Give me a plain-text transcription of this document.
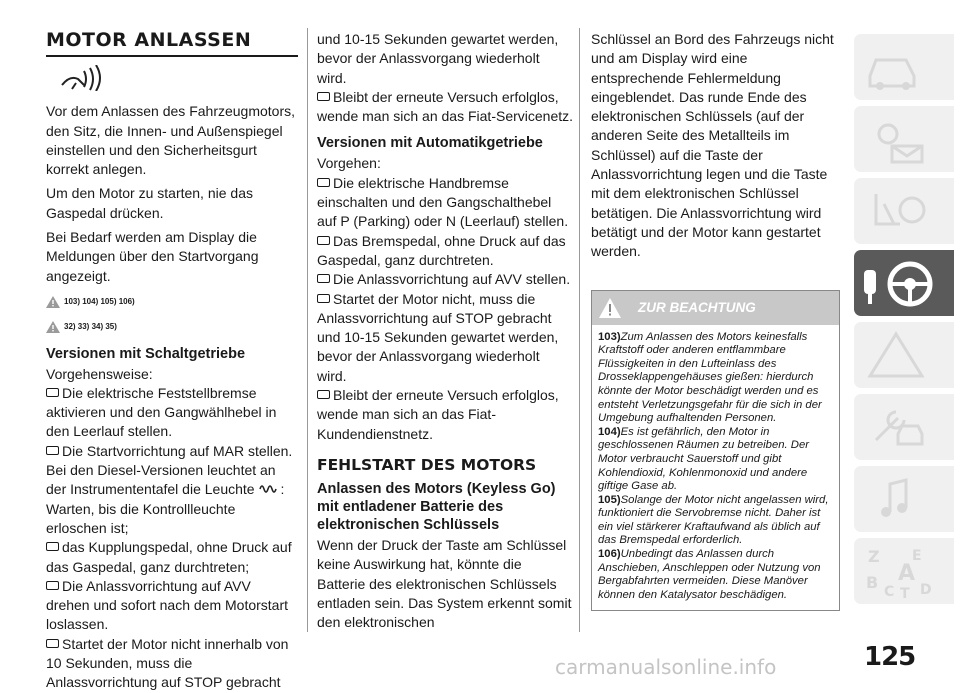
MOTOR ANLASSEN

Vor dem Anlassen des Fahrzeugmotors, den Sitz, die Innen- und Außenspiegel einstellen und den Sicherheitsgurt korrekt anlegen.

Um den Motor zu starten, nie das Gaspedal drücken.

Bei Bedarf werden am Display die Meldungen über den Startvorgang angezeigt.

103) 104) 105) 106)
32) 33) 34) 35)
Versionen mit Schaltgetriebe

Vorgehensweise:

Die elektrische Feststellbremse aktivieren und den Gangwählhebel in den Leerlauf stellen.
Die Startvorrichtung auf MAR stellen. Bei den Diesel-Versionen leuchtet an der Instrumententafel die Leuchte : Warten, bis die Kontrollleuchte erloschen ist;
das Kupplungspedal, ohne Druck auf das Gaspedal, ganz durchtreten;
Die Anlassvorrichtung auf AVV drehen und sofort nach dem Motorstart loslassen.
Startet der Motor nicht innerhalb von 10 Sekunden, muss die Anlassvorrichtung auf STOP gebracht
und 10-15 Sekunden gewartet werden, bevor der Anlassvorgang wiederholt wird.
Bleibt der erneute Versuch erfolglos, wende man sich an das Fiat-Servicenetz.
Versionen mit Automatikgetriebe

Vorgehen:

Die elektrische Handbremse einschalten und den Gangschalthebel auf P (Parking) oder N (Leerlauf) stellen.
Das Bremspedal, ohne Druck auf das Gaspedal, ganz durchtreten.
Die Anlassvorrichtung auf AVV stellen.
Startet der Motor nicht, muss die Anlassvorrichtung auf STOP gebracht und 10-15 Sekunden gewartet werden, bevor der Anlassvorgang wiederholt wird.
Bleibt der erneute Versuch erfolglos, wende man sich an das Fiat-Kundendienstnetz.
FEHLSTART DES MOTORS
Anlassen des Motors (Keyless Go) mit entladener Batterie des elektronischen Schlüssels
Wenn der Druck der Taste am Schlüssel keine Auswirkung hat, könnte die Batterie des elektronischen Schlüssels entladen sein. Das System erkennt somit den elektronischen
Schlüssel an Bord des Fahrzeugs nicht und am Display wird eine entsprechende Fehlermeldung eingeblendet. Das runde Ende des elektronischen Schlüssels (auf der anderen Seite des Metallteils im Schlüssel) auf die Taste der Anlassvorrichtung legen und die Taste mit dem elektronischen Schlüssel betätigen. Die Anlassvorrichtung wird betätigt und der Motor kann gestartet werden.
ZUR BEACHTUNG
103)Zum Anlassen des Motors keinesfalls Kraftstoff oder anderen entflammbare Flüssigkeiten in den Lufteinlass des Drosseklappengehäuses gießen: hierdurch könnte der Motor beschädigt werden und es entsteht Verletzungsgefahr für die sich in der Umgebung aufhaltenden Personen.
104)Es ist gefährlich, den Motor in geschlossenen Räumen zu betreiben. Der Motor verbraucht Sauerstoff und gibt Kohlendioxid, Kohlenmonoxid und andere giftige Gase ab.
105)Solange der Motor nicht angelassen wird, funktioniert die Servobremse nicht. Daher ist ein viel stärkerer Kraftaufwand als üblich auf das Bremspedal erforderlich.
106)Unbedingt das Anlassen durch Anschieben, Anschleppen oder Nutzung von Bergabfahrten vermeiden. Diese Manöver können den Katalysator beschädigen.
Z E
B A
C T D
125
carmanualsonline.info
